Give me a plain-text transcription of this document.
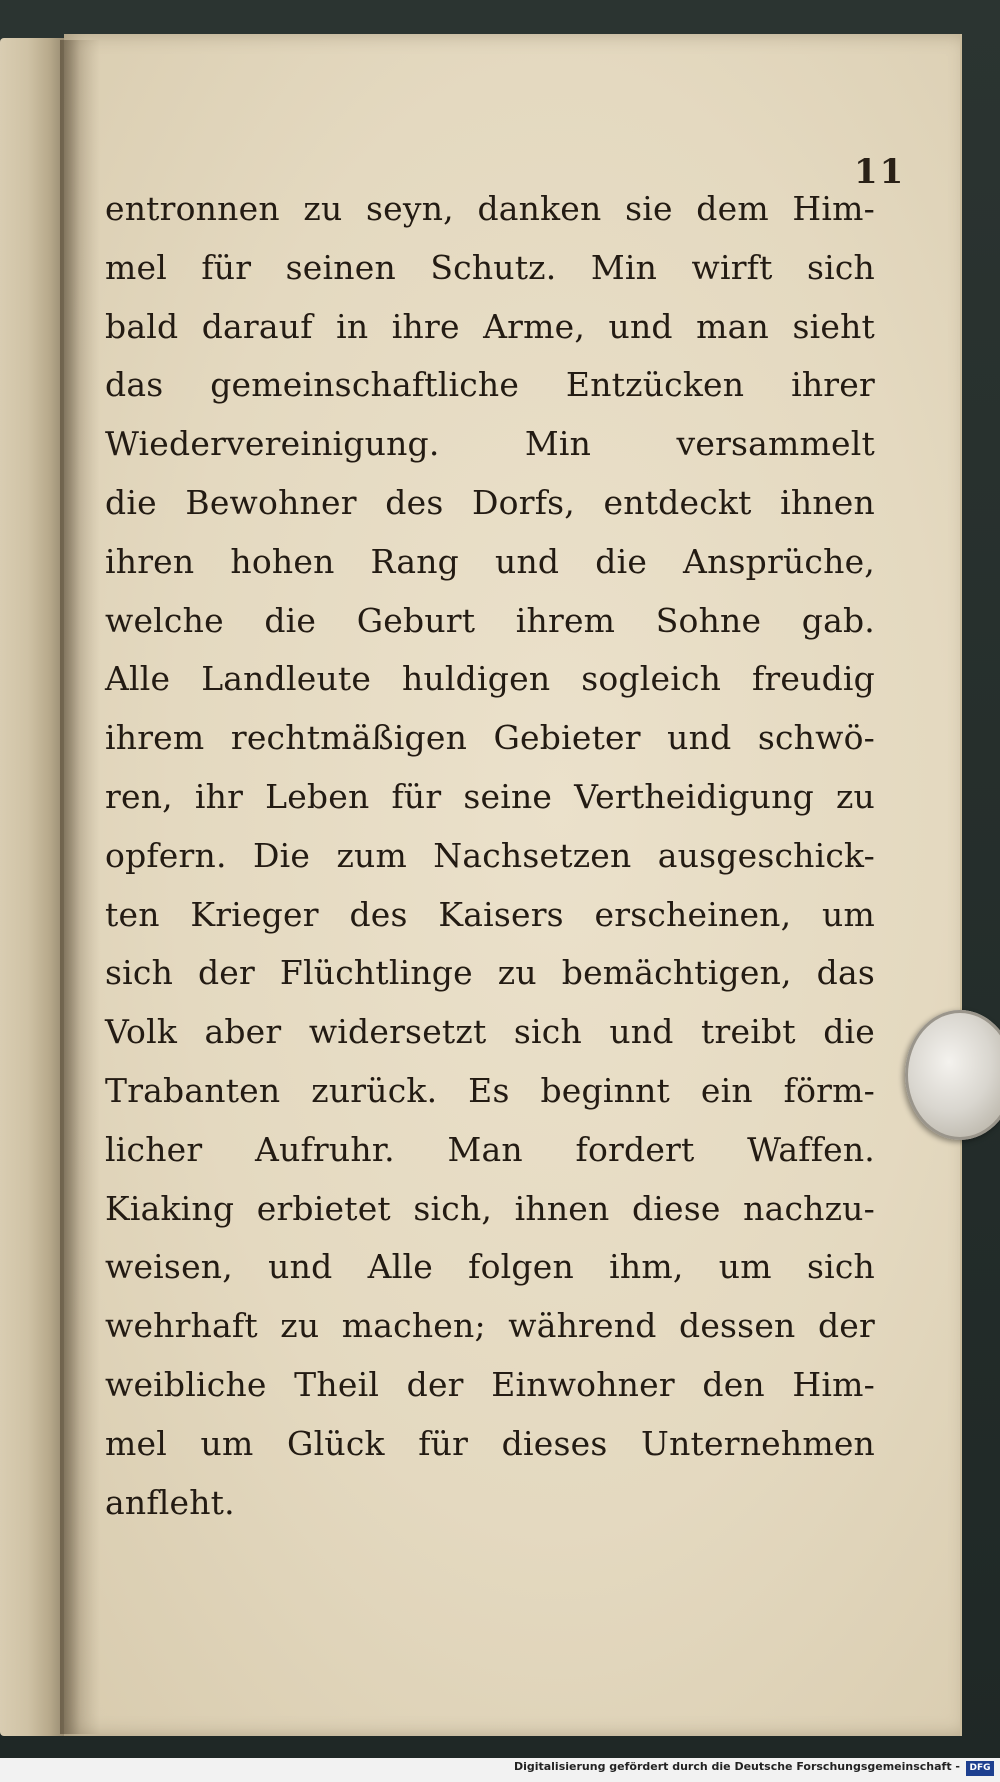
11
entronnen zu seyn, danken sie dem Him-
mel für seinen Schutz. Min wirft sich
bald darauf in ihre Arme, und man sieht
das gemeinschaftliche Entzücken ihrer
Wiedervereinigung. Min versammelt
die Bewohner des Dorfs, entdeckt ihnen
ihren hohen Rang und die Ansprüche,
welche die Geburt ihrem Sohne gab.
Alle Landleute huldigen sogleich freudig
ihrem rechtmäßigen Gebieter und schwö-
ren, ihr Leben für seine Vertheidigung zu
opfern. Die zum Nachsetzen ausgeschick-
ten Krieger des Kaisers erscheinen, um
sich der Flüchtlinge zu bemächtigen, das
Volk aber widersetzt sich und treibt die
Trabanten zurück. Es beginnt ein förm-
licher Aufruhr. Man fordert Waffen.
Kiaking erbietet sich, ihnen diese nachzu-
weisen, und Alle folgen ihm, um sich
wehrhaft zu machen; während dessen der
weibliche Theil der Einwohner den Him-
mel um Glück für dieses Unternehmen
anfleht.
Digitalisierung gefördert durch die Deutsche Forschungsgemeinschaft -	DFG
